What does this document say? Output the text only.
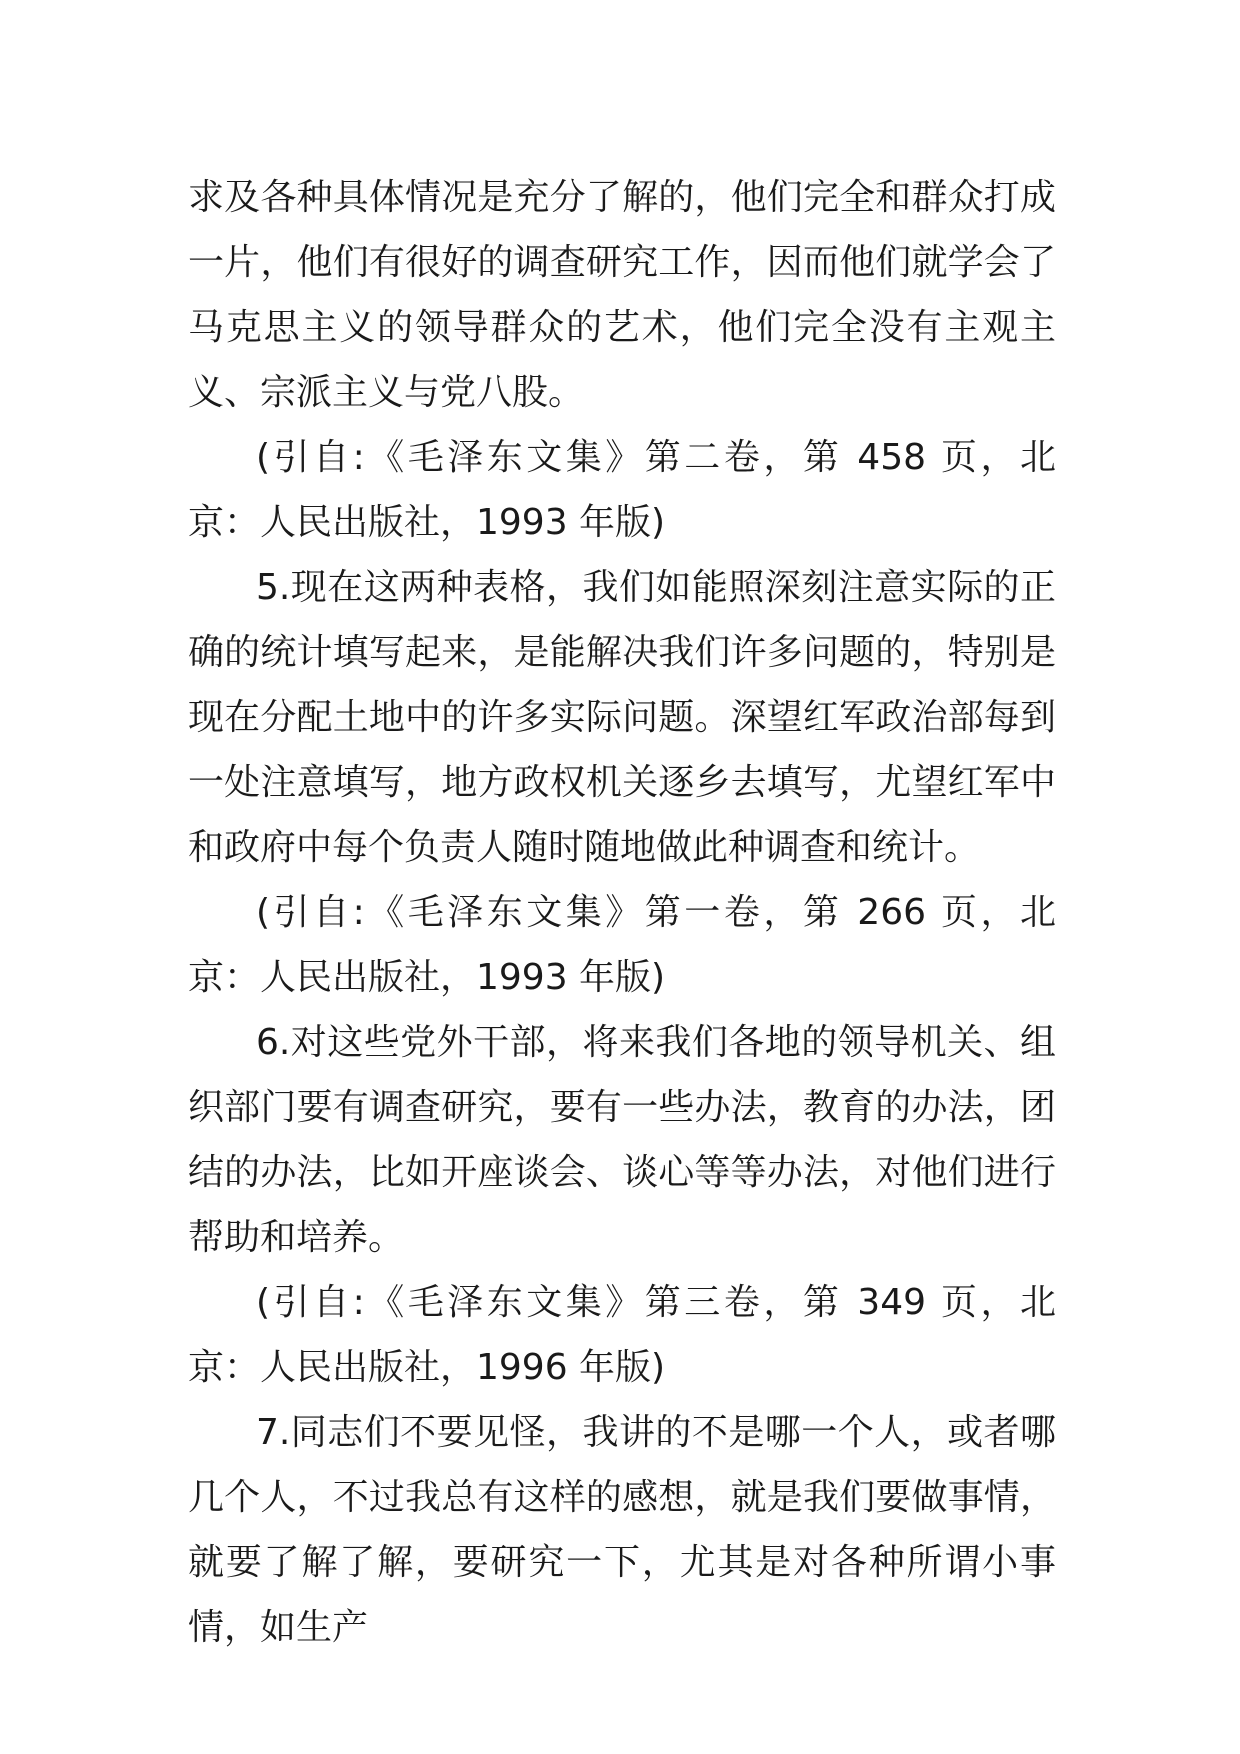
求及各种具体情况是充分了解的，他们完全和群众打成一片，他们有很好的调查研究工作，因而他们就学会了马克思主义的领导群众的艺术，他们完全没有主观主义、宗派主义与党八股。

(引自:《毛泽东文集》第二卷，第 458 页，北京：人民出版社，1993 年版)

5.现在这两种表格，我们如能照深刻注意实际的正确的统计填写起来，是能解决我们许多问题的，特别是现在分配土地中的许多实际问题。深望红军政治部每到一处注意填写，地方政权机关逐乡去填写，尤望红军中和政府中每个负责人随时随地做此种调查和统计。

(引自:《毛泽东文集》第一卷，第 266 页，北京：人民出版社，1993 年版)

6.对这些党外干部，将来我们各地的领导机关、组织部门要有调查研究，要有一些办法，教育的办法，团结的办法，比如开座谈会、谈心等等办法，对他们进行帮助和培养。

(引自:《毛泽东文集》第三卷，第 349 页，北京：人民出版社，1996 年版)

7.同志们不要见怪，我讲的不是哪一个人，或者哪几个人，不过我总有这样的感想，就是我们要做事情，就要了解了解，要研究一下，尤其是对各种所谓小事情，如生产
